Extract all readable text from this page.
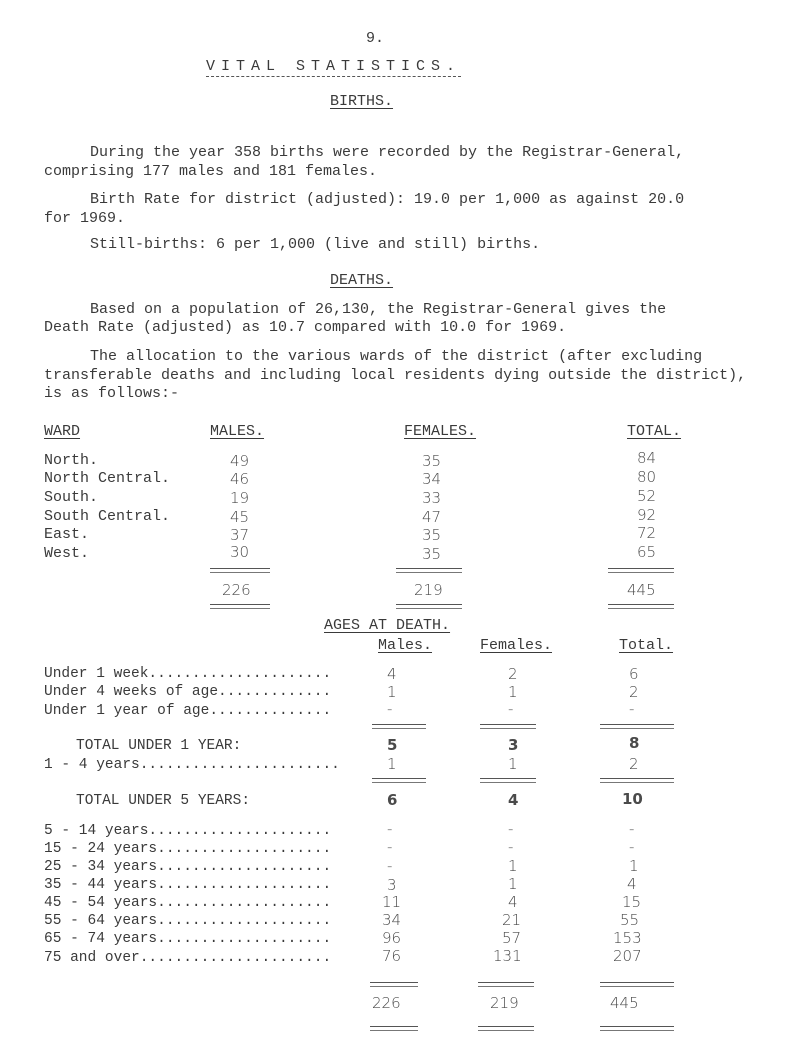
9.
VITAL STATISTICS.
BIRTHS.
During the year 358 births were recorded by the Registrar-General,
comprising 177 males and 181 females.
Birth Rate for district (adjusted): 19.0 per 1,000 as against 20.0
for 1969.
Still-births: 6 per 1,000 (live and still) births.
DEATHS.
Based on a population of 26,130, the Registrar-General gives the
Death Rate (adjusted) as 10.7 compared with 10.0 for 1969.
The allocation to the various wards of the district (after excluding
transferable deaths and including local residents dying outside the district),
is as follows:-
WARD	MALES.	FEMALES.	TOTAL.
North.	49	35	84
North Central.	46	34	80
South.	19	33	52
South Central.	45	47	92
East.	37	35	72
West.	30	35	65
226	219	445
AGES AT DEATH.
Males.	Females.	Total.
Under 1 week.....................	4	2	6
Under 4 weeks of age.............	1	1	2
Under 1 year of age..............	-	-	-
TOTAL UNDER 1 YEAR:	5	3	8
1 - 4 years.......................	1	1	2
TOTAL UNDER 5 YEARS:	6	4	10
5 - 14 years.....................	-	-	-
15 - 24 years....................	-	-	-
25 - 34 years....................	-	1	1
35 - 44 years....................	3	1	4
45 - 54 years....................	11	4	15
55 - 64 years....................	34	21	55
65 - 74 years....................	96	57	153
75 and over......................	76	131	207
226	219	445
